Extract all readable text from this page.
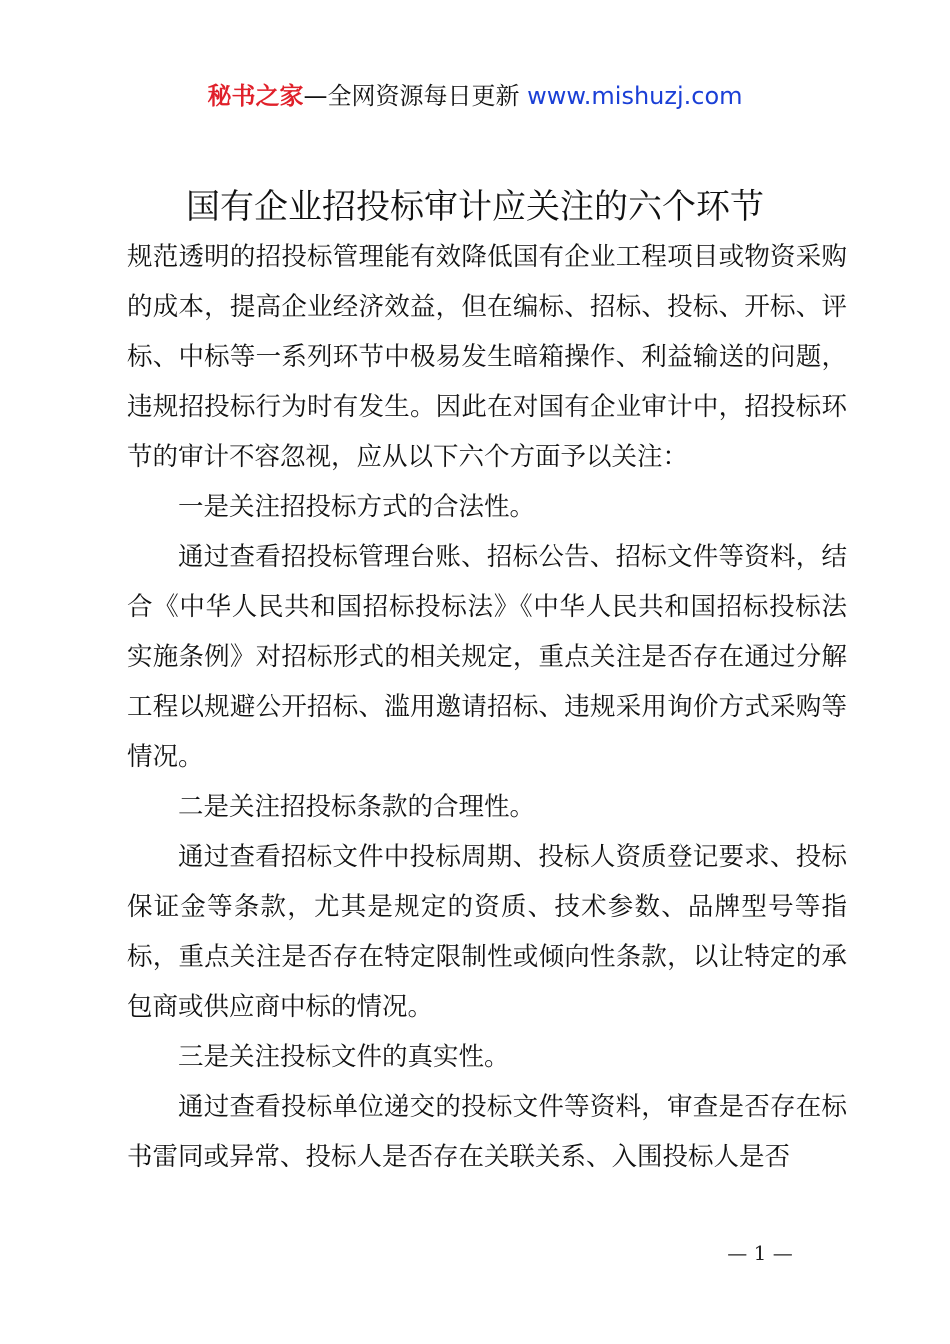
秘书之家—全网资源每日更新 www.mishuzj.com
国有企业招投标审计应关注的六个环节

规范透明的招投标管理能有效降低国有企业工程项目或物资采购的成本，提高企业经济效益，但在编标、招标、投标、开标、评标、中标等一系列环节中极易发生暗箱操作、利益输送的问题，违规招投标行为时有发生。因此在对国有企业审计中，招投标环节的审计不容忽视，应从以下六个方面予以关注：

一是关注招投标方式的合法性。

通过查看招投标管理台账、招标公告、招标文件等资料，结合《中华人民共和国招标投标法》《中华人民共和国招标投标法实施条例》对招标形式的相关规定，重点关注是否存在通过分解工程以规避公开招标、滥用邀请招标、违规采用询价方式采购等情况。

二是关注招投标条款的合理性。

通过查看招标文件中投标周期、投标人资质登记要求、投标保证金等条款，尤其是规定的资质、技术参数、品牌型号等指标，重点关注是否存在特定限制性或倾向性条款，以让特定的承包商或供应商中标的情况。

三是关注投标文件的真实性。

通过查看投标单位递交的投标文件等资料，审查是否存在标书雷同或异常、投标人是否存在关联关系、入围投标人是否

— 1 —
